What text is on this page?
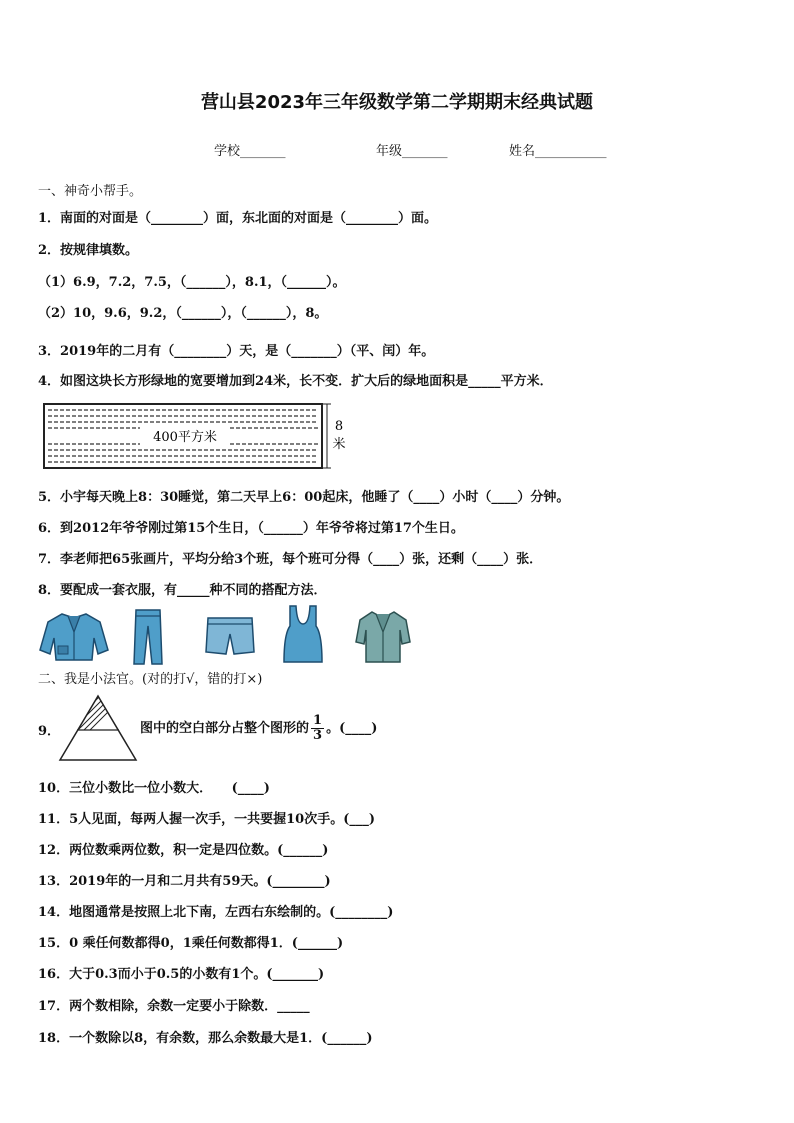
营山县2023年三年级数学第二学期期末经典试题
学校_______	年级_______	姓名___________
一、神奇小帮手。
1．南面的对面是（________）面，东北面的对面是（________）面。
2．按规律填数。
（1）6.9，7.2，7.5，（______），8.1，（______）。
（2）10，9.6，9.2，（______），（______），8。
3．2019年的二月有（________）天，是（_______）（平、闰）年。
4．如图这块长方形绿地的宽要增加到24米，长不变．扩大后的绿地面积是_____平方米．
400平方米
8
米
5．小宇每天晚上8：30睡觉，第二天早上6：00起床，他睡了（____）小时（____）分钟。
6．到2012年爷爷刚过第15个生日，（______）年爷爷将过第17个生日。
7．李老师把65张画片，平均分给3个班，每个班可分得（____）张，还剩（____）张．
8．要配成一套衣服，有_____种不同的搭配方法．
二、我是小法官。(对的打√，错的打×)
9．	图中的空白部分占整个图形的 $\frac{1}{3}$ 。(____)
10．三位小数比一位小数大．　　(____)
11．5人见面，每两人握一次手，一共要握10次手。(___)
12．两位数乘两位数，积一定是四位数。(______)
13．2019年的一月和二月共有59天。(________)
14．地图通常是按照上北下南，左西右东绘制的。(________)
15．0 乘任何数都得0，1乘任何数都得1．(______)
16．大于0.3而小于0.5的小数有1个。(_______)
17．两个数相除，余数一定要小于除数．_____
18．一个数除以8，有余数，那么余数最大是1．(______)
